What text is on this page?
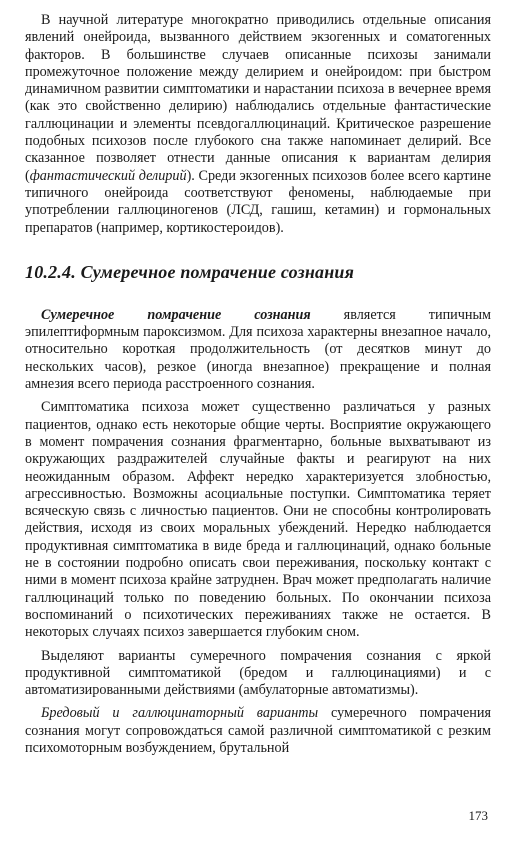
В научной литературе многократно приводились отдельные описания явлений онейроида, вызванного действием экзогенных и соматогенных факторов. В большинстве случаев описанные психозы занимали промежуточное положение между делирием и онейроидом: при быстром динамичном развитии симптоматики и нарастании психоза в вечернее время (как это свойственно делирию) наблюдались отдельные фантастические галлюцинации и элементы псевдогаллюцинаций. Критическое разрешение подобных психозов после глубокого сна также напоминает делирий. Все сказанное позволяет отнести данные описания к вариантам делирия (фантастический делирий). Среди экзогенных психозов более всего картине типичного онейроида соответствуют феномены, наблюдаемые при употреблении галлюциногенов (ЛСД, гашиш, кетамин) и гормональных препаратов (например, кортикостероидов).

10.2.4. Сумеречное помрачение сознания

Сумеречное помрачение сознания является типичным эпилептиформным пароксизмом. Для психоза характерны внезапное начало, относительно короткая продолжительность (от десятков минут до нескольких часов), резкое (иногда внезапное) прекращение и полная амнезия всего периода расстроенного сознания.

Симптоматика психоза может существенно различаться у разных пациентов, однако есть некоторые общие черты. Восприятие окружающего в момент помрачения сознания фрагментарно, больные выхватывают из окружающих раздражителей случайные факты и реагируют на них неожиданным образом. Аффект нередко характеризуется злобностью, агрессивностью. Возможны асоциальные поступки. Симптоматика теряет всяческую связь с личностью пациентов. Они не способны контролировать действия, исходя из своих моральных убеждений. Нередко наблюдается продуктивная симптоматика в виде бреда и галлюцинаций, однако больные не в состоянии подробно описать свои переживания, поскольку контакт с ними в момент психоза крайне затруднен. Врач может предполагать наличие галлюцинаций только по поведению больных. По окончании психоза воспоминаний о психотических переживаниях также не остается. В некоторых случаях психоз завершается глубоким сном.

Выделяют варианты сумеречного помрачения сознания с яркой продуктивной симптоматикой (бредом и галлюцинациями) и с автоматизированными действиями (амбулаторные автоматизмы).

Бредовый и галлюцинаторный варианты сумеречного помрачения сознания могут сопровождаться самой различной симптоматикой с резким психомоторным возбуждением, брутальной

173
